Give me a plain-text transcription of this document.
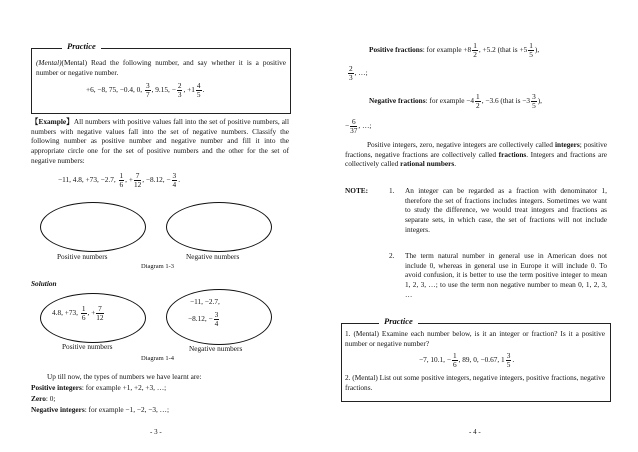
Practice
(Mental)(Mental) Read the following number, and say whether it is a positive number or negative number.
+6, −8, 75, −0.4, 0, $\frac{3}{7}$ , 9.15, − $\frac{2}{3}$ , $+1 \frac{4}{5}$ .
【Example】All numbers with positive values fall into the set of positive numbers, all numbers with negative values fall into the set of negative numbers. Classify the following number as positive number and negative number and fill it into the appropriate circle one for the set of positive numbers and the other for the set of negative numbers:
−11, 4.8, +73, −2.7, $\frac{1}{6}$ , + $\frac{7}{12}$ , −8.12, − $\frac{3}{4}$ .
Positive numbers	Negative numbers
Diagram 1-3
Solution
4.8, +73, $\frac{1}{6}$ , + $\frac{7}{12}$
−11, −2.7,
−8.12, − $\frac{3}{4}$
Positive numbers	Negative numbers
Diagram 1-4
Up till now, the types of numbers we have learnt are:
Positive integers: for example +1, +2, +3, …;
Zero: 0;
Negative integers: for example −1, −2, −3, …;
- 3 -
Positive fractions: for example $+8 \frac{1}{2}$ , +5.2 (that is $+5 \frac{1}{5}$ ),
$\frac{2}{3}$ , …;
Negative fractions: for example $-4 \frac{1}{2}$ , −3.6 (that is $-3 \frac{3}{5}$ ),
− $\frac{6}{37}$ , …;
Positive integers, zero, negative integers are collectively called integers; positive fractions, negative fractions are collectively called fractions. Integers and fractions are collectively called rational numbers.
NOTE:	1. An integer can be regarded as a fraction with denominator 1, therefore the set of fractions includes integers. Sometimes we want to study the difference, we would treat integers and fractions as separate sets, in which case, the set of fractions will not include integers.
2. The term natural number in general use in American does not include 0, whereas in general use in Europe it will include 0. To avoid confusion, it is better to use the term positive integer to mean 1, 2, 3, …; to use the term non negative number to mean 0, 1, 2, 3, …
Practice
1. (Mental) Examine each number below, is it an integer or fraction? Is it a positive number or negative number?
−7, 10.1, − $\frac{1}{6}$ , 89, 0, −0.67, $1 \frac{3}{5}$ .
2. (Mental) List out some positive integers, negative integers, positive fractions, negative fractions.
- 4 -
